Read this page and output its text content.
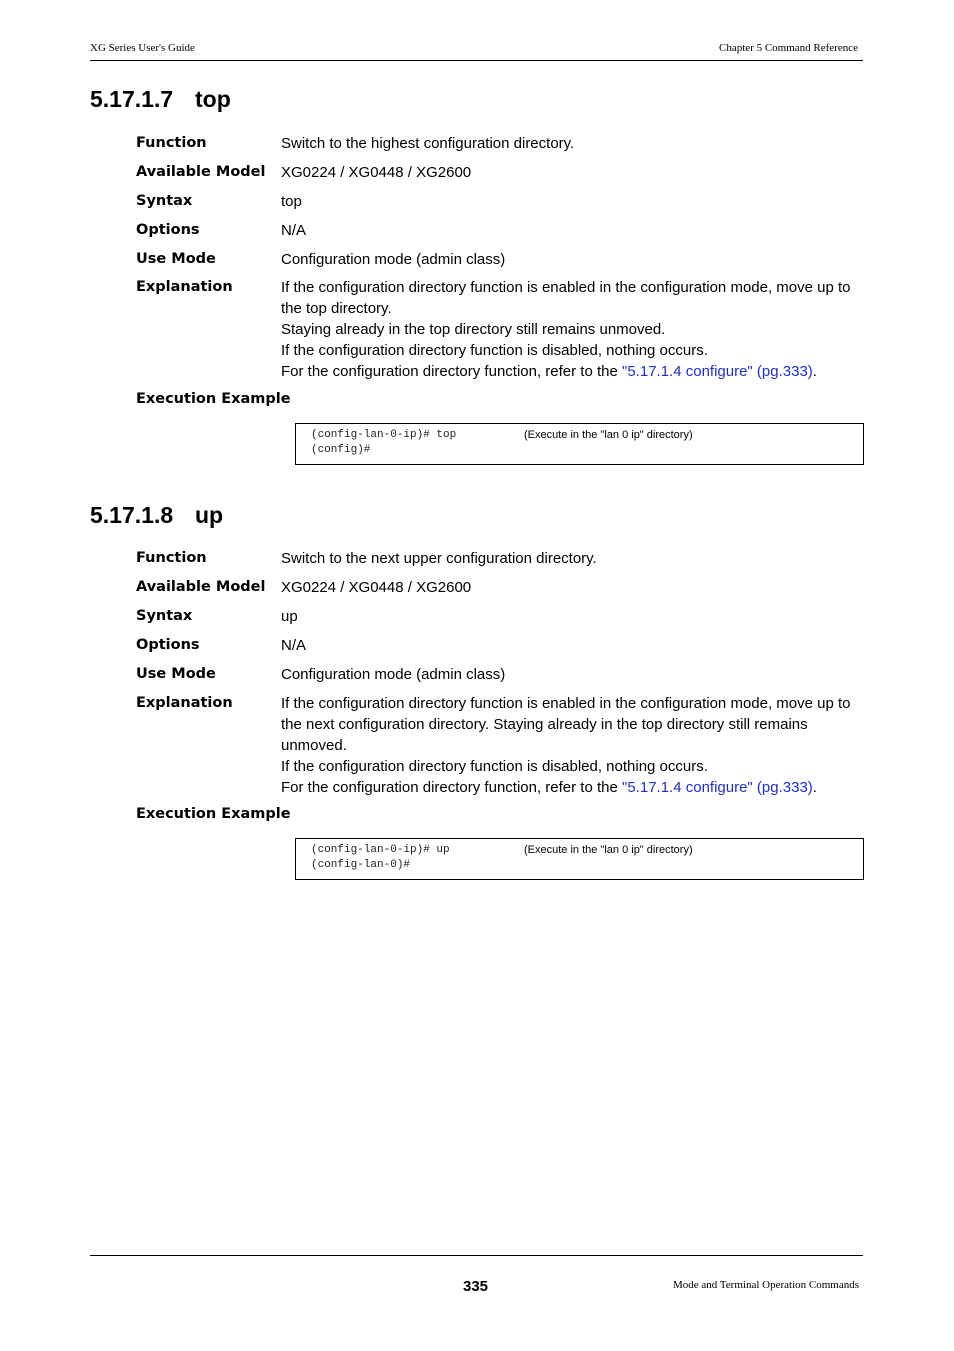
XG Series User's Guide	Chapter 5 Command Reference
5.17.1.7 top
Function	Switch to the highest configuration directory.
Available Model	XG0224 / XG0448 / XG2600
Syntax	top
Options	N/A
Use Mode	Configuration mode (admin class)
Explanation	If the configuration directory function is enabled in the configuration mode, move up to
the top directory.
Staying already in the top directory still remains unmoved.
If the configuration directory function is disabled, nothing occurs.
For the configuration directory function, refer to the "5.17.1.4 configure" (pg.333).
Execution Example
(config-lan-0-ip)# top
(config)#
(Execute in the "lan 0 ip" directory)
5.17.1.8 up
Function	Switch to the next upper configuration directory.
Available Model	XG0224 / XG0448 / XG2600
Syntax	up
Options	N/A
Use Mode	Configuration mode (admin class)
Explanation	If the configuration directory function is enabled in the configuration mode, move up to
the next configuration directory. Staying already in the top directory still remains
unmoved.
If the configuration directory function is disabled, nothing occurs.
For the configuration directory function, refer to the "5.17.1.4 configure" (pg.333).
Execution Example
(config-lan-0-ip)# up
(config-lan-0)#
(Execute in the "lan 0 ip" directory)
335	Mode and Terminal Operation Commands
